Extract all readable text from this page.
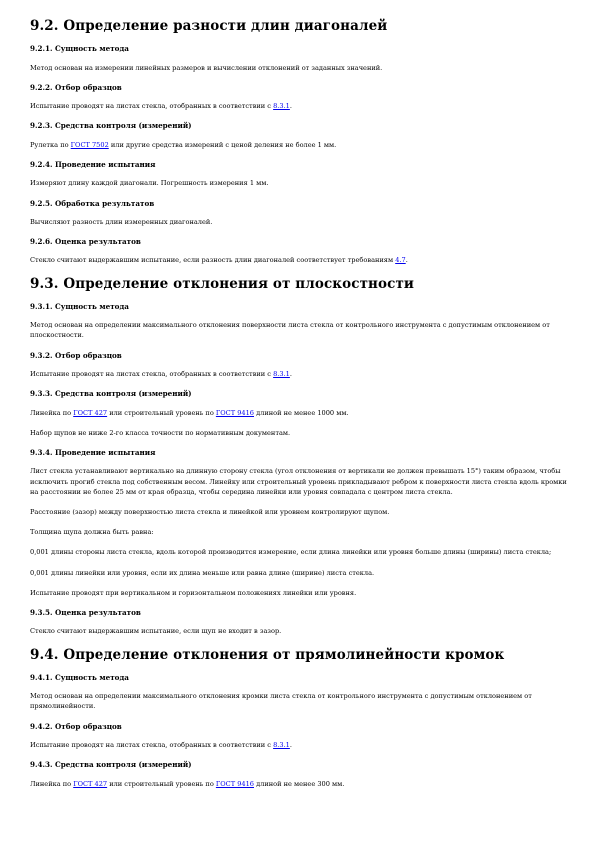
9.2. Определение разности длин диагоналей
9.2.1. Сущность метода

Метод основан на измерении линейных размеров и вычислении отклонений от заданных значений.

9.2.2. Отбор образцов

Испытание проводят на листах стекла, отобранных в соответствии с 8.3.1.

9.2.3. Средства контроля (измерений)

Рулетка по ГОСТ 7502 или другие средства измерений с ценой деления не более 1 мм.

9.2.4. Проведение испытания

Измеряют длину каждой диагонали. Погрешность измерения 1 мм.

9.2.5. Обработка результатов

Вычисляют разность длин измеренных диагоналей.

9.2.6. Оценка результатов

Стекло считают выдержавшим испытание, если разность длин диагоналей соответствует требованиям 4.7.

9.3. Определение отклонения от плоскостности
9.3.1. Сущность метода

Метод основан на определении максимального отклонения поверхности листа стекла от контрольного инструмента с допустимым отклонением от плоскостности.

9.3.2. Отбор образцов

Испытание проводят на листах стекла, отобранных в соответствии с 8.3.1.

9.3.3. Средства контроля (измерений)

Линейка по ГОСТ 427 или строительный уровень по ГОСТ 9416 длиной не менее 1000 мм.

Набор щупов не ниже 2-го класса точности по нормативным документам.

9.3.4. Проведение испытания

Лист стекла устанавливают вертикально на длинную сторону стекла (угол отклонения от вертикали не должен превышать 15°) таким образом, чтобы исключить прогиб стекла под собственным весом. Линейку или строительный уровень прикладывают ребром к поверхности листа стекла вдоль кромки на расстоянии не более 25 мм от края образца, чтобы середина линейки или уровня совпадала с центром листа стекла.

Расстояние (зазор) между поверхностью листа стекла и линейкой или уровнем контролируют щупом.

Толщина щупа должна быть равна:

0,001 длины стороны листа стекла, вдоль которой производится измерение, если длина линейки или уровня больше длины (ширины) листа стекла;

0,001 длины линейки или уровня, если их длина меньше или равна длине (ширине) листа стекла.

Испытание проводят при вертикальном и горизонтальном положениях линейки или уровня.

9.3.5. Оценка результатов

Стекло считают выдержавшим испытание, если щуп не входит в зазор.

9.4. Определение отклонения от прямолинейности кромок
9.4.1. Сущность метода

Метод основан на определении максимального отклонения кромки листа стекла от контрольного инструмента с допустимым отклонением от прямолинейности.

9.4.2. Отбор образцов

Испытание проводят на листах стекла, отобранных в соответствии с 8.3.1.

9.4.3. Средства контроля (измерений)

Линейка по ГОСТ 427 или строительный уровень по ГОСТ 9416 длиной не менее 300 мм.
